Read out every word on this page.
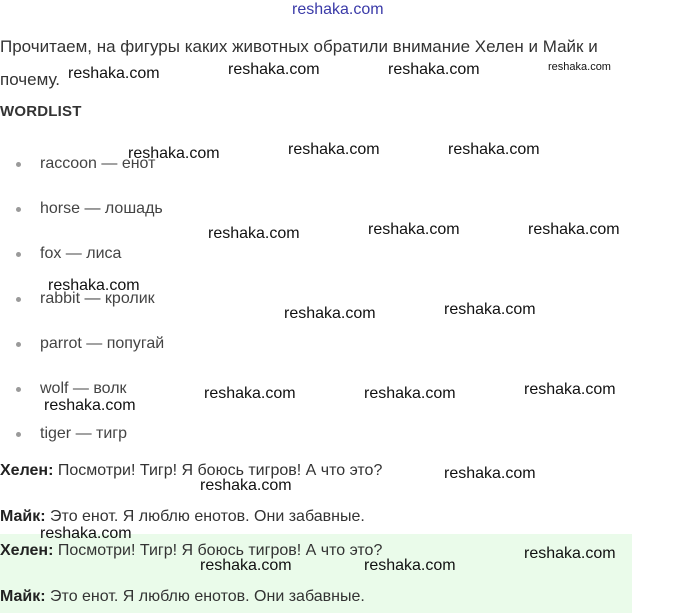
reshaka.com
Прочитаем, на фигуры каких животных обратили внимание Хелен и Майк и почему.
WORDLIST
raccoon — енот
horse — лошадь
fox — лиса
rabbit — кролик
parrot — попугай
wolf — волк
tiger — тигр
Хелен: Посмотри! Тигр! Я боюсь тигров! А что это?
Майк: Это енот. Я люблю енотов. Они забавные.
Хелен: Посмотри! Тигр! Я боюсь тигров! А что это?
Майк: Это енот. Я люблю енотов. Они забавные.
reshaka.com	reshaka.com	reshaka.com	reshaka.com
reshaka.com	reshaka.com	reshaka.com
reshaka.com	reshaka.com	reshaka.com
reshaka.com
reshaka.com	reshaka.com
reshaka.com	reshaka.com	reshaka.com
reshaka.com
reshaka.com
reshaka.com
reshaka.com
reshaka.com
reshaka.com	reshaka.com
